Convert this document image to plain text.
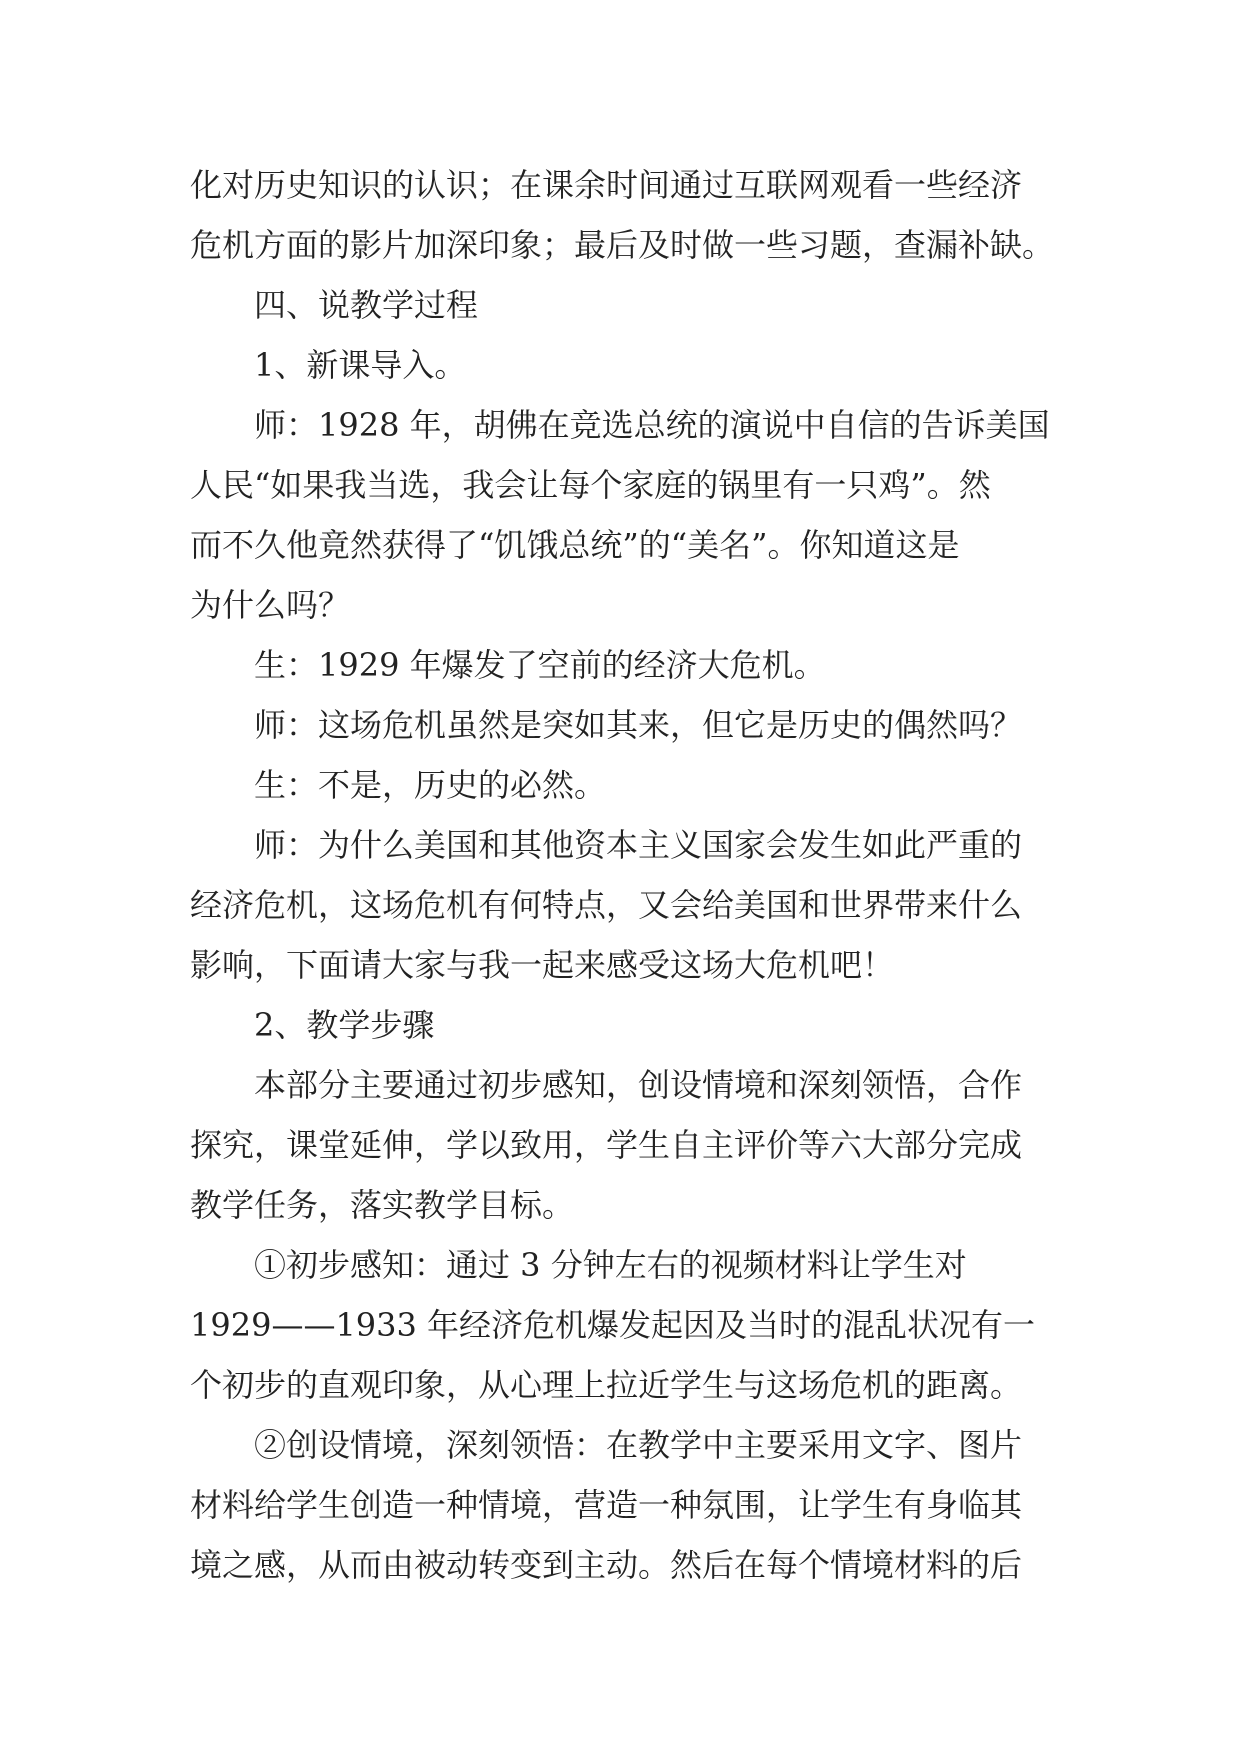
化对历史知识的认识；在课余时间通过互联网观看一些经济
危机方面的影片加深印象；最后及时做一些习题，查漏补缺。
四、说教学过程
1、新课导入。
师：1928 年，胡佛在竞选总统的演说中自信的告诉美国
人民“如果我当选，我会让每个家庭的锅里有一只鸡”。然
而不久他竟然获得了“饥饿总统”的“美名”。你知道这是
为什么吗？
生：1929 年爆发了空前的经济大危机。
师：这场危机虽然是突如其来，但它是历史的偶然吗？
生：不是，历史的必然。
师：为什么美国和其他资本主义国家会发生如此严重的
经济危机，这场危机有何特点，又会给美国和世界带来什么
影响，下面请大家与我一起来感受这场大危机吧！
2、教学步骤
本部分主要通过初步感知，创设情境和深刻领悟，合作
探究，课堂延伸，学以致用，学生自主评价等六大部分完成
教学任务，落实教学目标。
①初步感知：通过 3 分钟左右的视频材料让学生对
1929——1933 年经济危机爆发起因及当时的混乱状况有一
个初步的直观印象，从心理上拉近学生与这场危机的距离。
②创设情境，深刻领悟：在教学中主要采用文字、图片
材料给学生创造一种情境，营造一种氛围，让学生有身临其
境之感，从而由被动转变到主动。然后在每个情境材料的后
